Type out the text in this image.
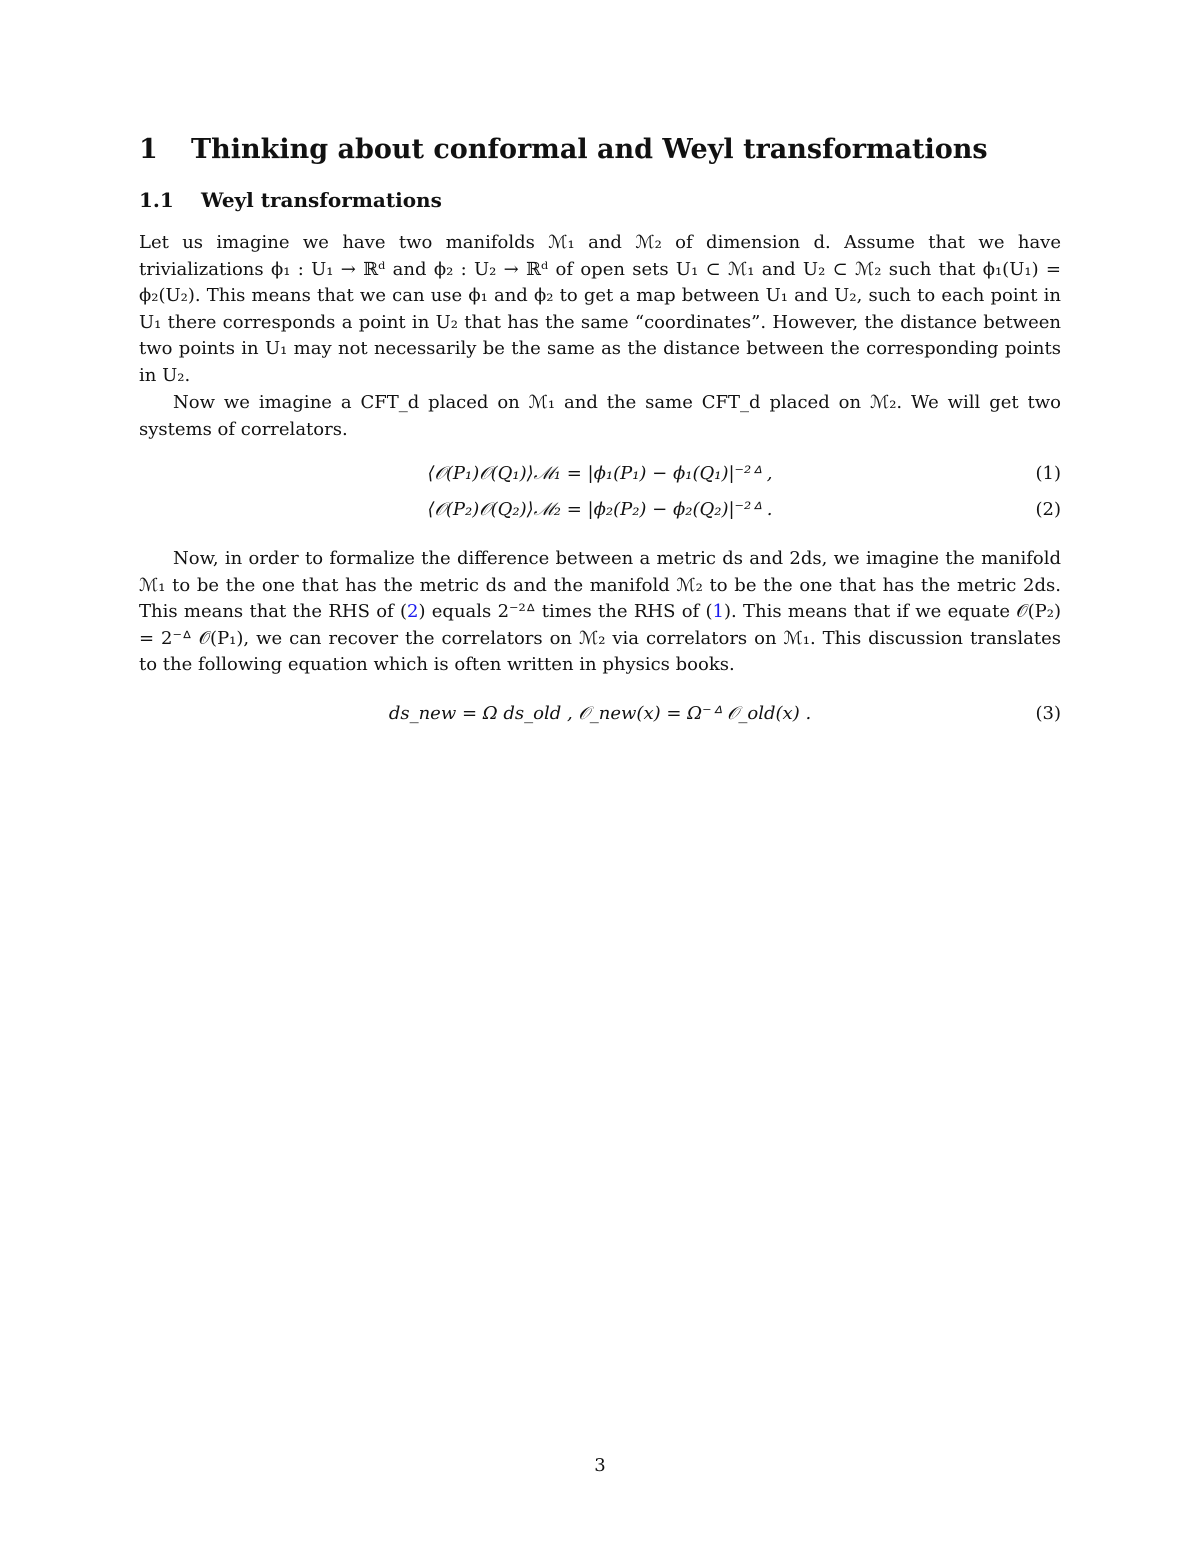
1 Thinking about conformal and Weyl transformations
1.1 Weyl transformations

Let us imagine we have two manifolds ℳ₁ and ℳ₂ of dimension d. Assume that we have trivializations ϕ₁ : U₁ → ℝᵈ and ϕ₂ : U₂ → ℝᵈ of open sets U₁ ⊂ ℳ₁ and U₂ ⊂ ℳ₂ such that ϕ₁(U₁) = ϕ₂(U₂). This means that we can use ϕ₁ and ϕ₂ to get a map between U₁ and U₂, such to each point in U₁ there corresponds a point in U₂ that has the same “coordinates”. However, the distance between two points in U₁ may not necessarily be the same as the distance between the corresponding points in U₂.

Now we imagine a CFT_d placed on ℳ₁ and the same CFT_d placed on ℳ₂. We will get two systems of correlators.

⟨𝒪(P₁)𝒪(Q₁)⟩ℳ₁ = |ϕ₁(P₁) − ϕ₁(Q₁)|⁻²ᐞ ,	(1)
⟨𝒪(P₂)𝒪(Q₂)⟩ℳ₂ = |ϕ₂(P₂) − ϕ₂(Q₂)|⁻²ᐞ .	(2)

Now, in order to formalize the difference between a metric ds and 2ds, we imagine the manifold ℳ₁ to be the one that has the metric ds and the manifold ℳ₂ to be the one that has the metric 2ds. This means that the RHS of (2) equals 2⁻²ᐞ times the RHS of (1). This means that if we equate 𝒪(P₂) = 2⁻ᐞ 𝒪(P₁), we can recover the correlators on ℳ₂ via correlators on ℳ₁. This discussion translates to the following equation which is often written in physics books.

ds_new = Ω ds_old , 𝒪_new(x) = Ω⁻ᐞ 𝒪_old(x) .	(3)
3
